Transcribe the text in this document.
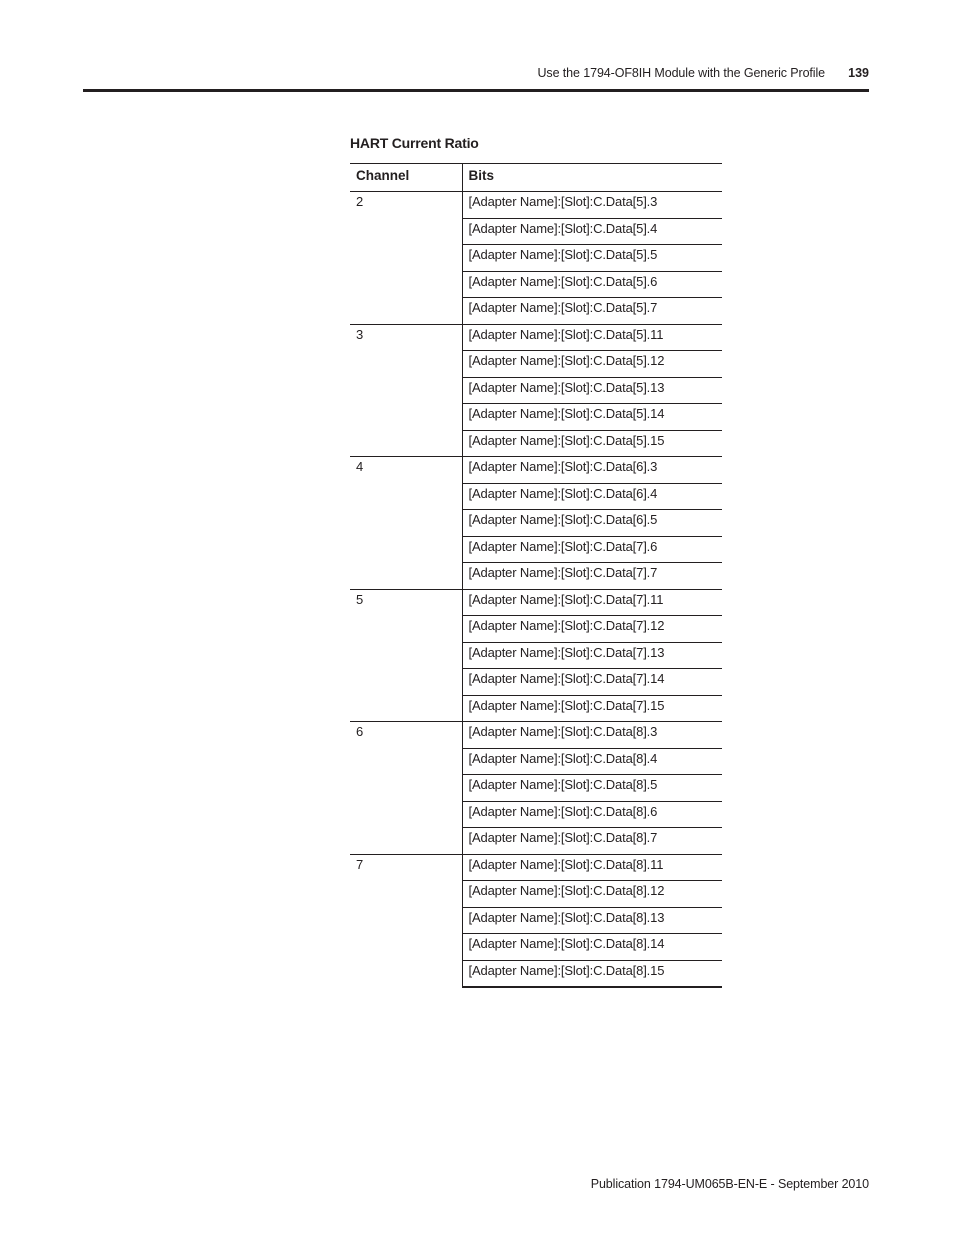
Use the 1794-OF8IH Module with the Generic Profile 139
HART Current Ratio
Channel	Bits
2	[Adapter Name]:[Slot]:C.Data[5].3
	[Adapter Name]:[Slot]:C.Data[5].4
	[Adapter Name]:[Slot]:C.Data[5].5
	[Adapter Name]:[Slot]:C.Data[5].6
	[Adapter Name]:[Slot]:C.Data[5].7
3	[Adapter Name]:[Slot]:C.Data[5].11
	[Adapter Name]:[Slot]:C.Data[5].12
	[Adapter Name]:[Slot]:C.Data[5].13
	[Adapter Name]:[Slot]:C.Data[5].14
	[Adapter Name]:[Slot]:C.Data[5].15
4	[Adapter Name]:[Slot]:C.Data[6].3
	[Adapter Name]:[Slot]:C.Data[6].4
	[Adapter Name]:[Slot]:C.Data[6].5
	[Adapter Name]:[Slot]:C.Data[7].6
	[Adapter Name]:[Slot]:C.Data[7].7
5	[Adapter Name]:[Slot]:C.Data[7].11
	[Adapter Name]:[Slot]:C.Data[7].12
	[Adapter Name]:[Slot]:C.Data[7].13
	[Adapter Name]:[Slot]:C.Data[7].14
	[Adapter Name]:[Slot]:C.Data[7].15
6	[Adapter Name]:[Slot]:C.Data[8].3
	[Adapter Name]:[Slot]:C.Data[8].4
	[Adapter Name]:[Slot]:C.Data[8].5
	[Adapter Name]:[Slot]:C.Data[8].6
	[Adapter Name]:[Slot]:C.Data[8].7
7	[Adapter Name]:[Slot]:C.Data[8].11
	[Adapter Name]:[Slot]:C.Data[8].12
	[Adapter Name]:[Slot]:C.Data[8].13
	[Adapter Name]:[Slot]:C.Data[8].14
	[Adapter Name]:[Slot]:C.Data[8].15
Publication 1794-UM065B-EN-E - September 2010
